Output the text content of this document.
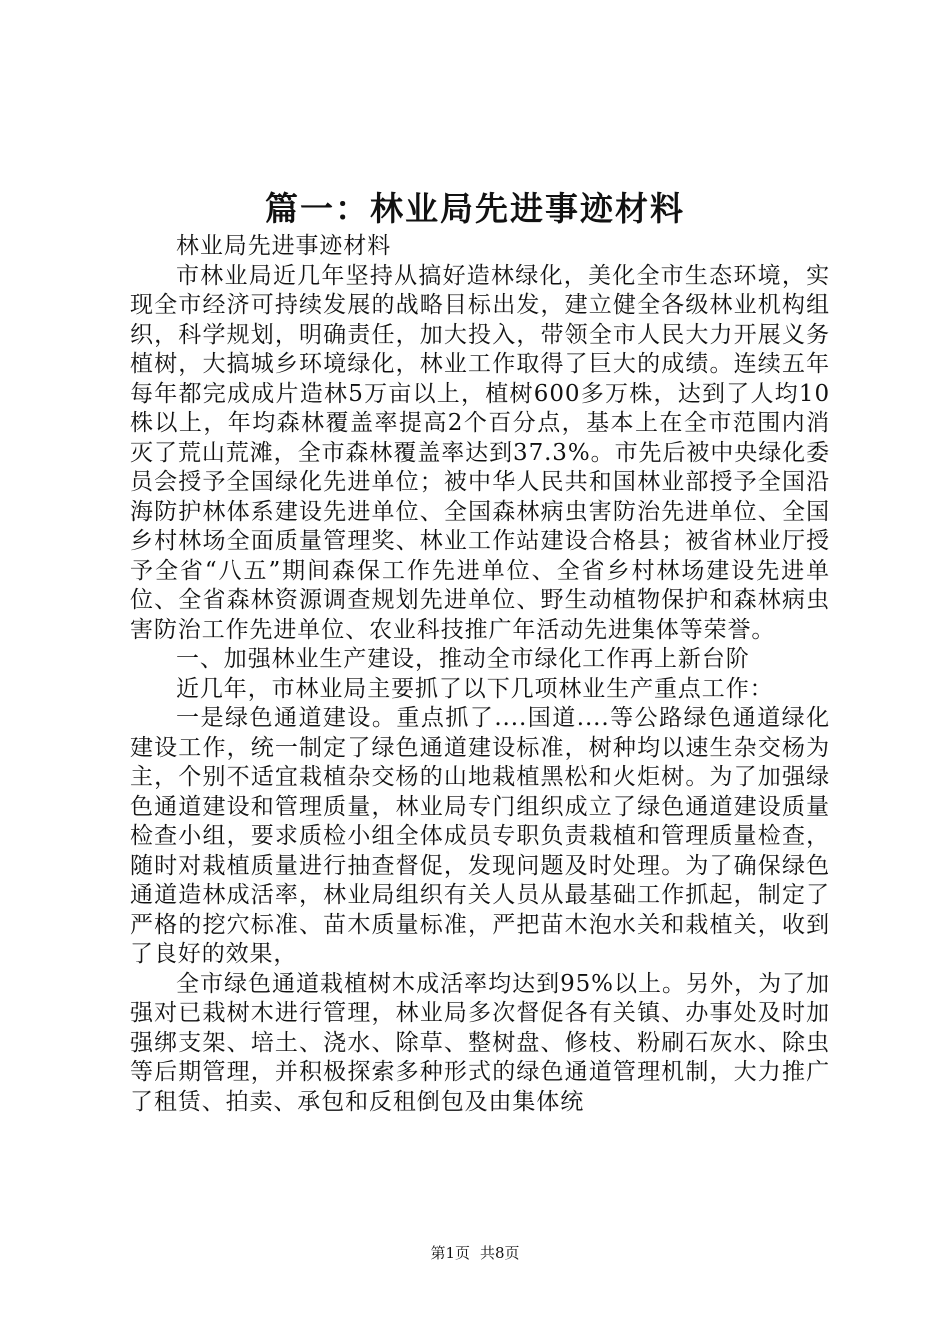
篇一：林业局先进事迹材料

林业局先进事迹材料

市林业局近几年坚持从搞好造林绿化，美化全市生态环境，实现全市经济可持续发展的战略目标出发，建立健全各级林业机构组织，科学规划，明确责任，加大投入，带领全市人民大力开展义务植树，大搞城乡环境绿化，林业工作取得了巨大的成绩。连续五年每年都完成成片造林5万亩以上，植树600多万株，达到了人均10株以上，年均森林覆盖率提高2个百分点，基本上在全市范围内消灭了荒山荒滩，全市森林覆盖率达到37.3%。市先后被中央绿化委员会授予全国绿化先进单位；被中华人民共和国林业部授予全国沿海防护林体系建设先进单位、全国森林病虫害防治先进单位、全国乡村林场全面质量管理奖、林业工作站建设合格县；被省林业厅授予全省“八五”期间森保工作先进单位、全省乡村林场建设先进单位、全省森林资源调查规划先进单位、野生动植物保护和森林病虫害防治工作先进单位、农业科技推广年活动先进集体等荣誉。

一、加强林业生产建设，推动全市绿化工作再上新台阶

近几年，市林业局主要抓了以下几项林业生产重点工作：

一是绿色通道建设。重点抓了....国道....等公路绿色通道绿化建设工作，统一制定了绿色通道建设标准，树种均以速生杂交杨为主，个别不适宜栽植杂交杨的山地栽植黑松和火炬树。为了加强绿色通道建设和管理质量，林业局专门组织成立了绿色通道建设质量检查小组，要求质检小组全体成员专职负责栽植和管理质量检查，随时对栽植质量进行抽查督促，发现问题及时处理。为了确保绿色通道造林成活率，林业局组织有关人员从最基础工作抓起，制定了严格的挖穴标准、苗木质量标准，严把苗木泡水关和栽植关，收到了良好的效果，

全市绿色通道栽植树木成活率均达到95%以上。另外，为了加强对已栽树木进行管理，林业局多次督促各有关镇、办事处及时加强绑支架、培土、浇水、除草、整树盘、修枝、粉刷石灰水、除虫等后期管理，并积极探索多种形式的绿色通道管理机制，大力推广了租赁、拍卖、承包和反租倒包及由集体统

第1页 共8页
